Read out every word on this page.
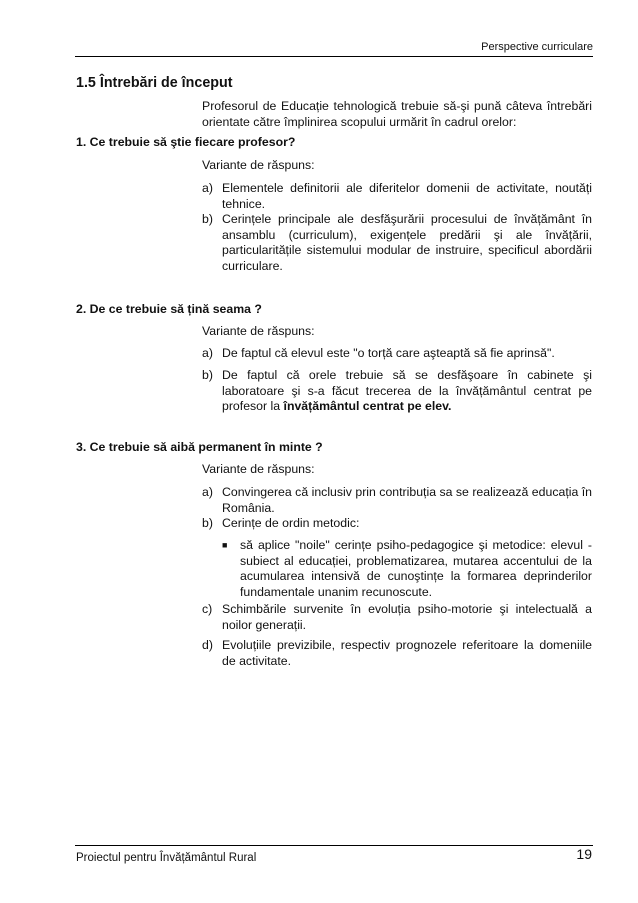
Perspective curriculare
1.5 Întrebări de început
Profesorul de Educație tehnologică trebuie să-şi pună câteva întrebări orientate către împlinirea scopului urmărit în cadrul orelor:
1. Ce trebuie să ştie fiecare profesor?
Variante de răspuns:
a) Elementele definitorii ale diferitelor domenii de activitate, noutăți tehnice.
b) Cerințele principale ale desfăşurării procesului de învățământ în ansamblu (curriculum), exigențele predării şi ale învățării, particularitățile sistemului modular de instruire, specificul abordării curriculare.
2. De ce trebuie să țină seama ?
Variante de răspuns:
a) De faptul că elevul este "o torță care aşteaptă să fie aprinsă".
b) De faptul că orele trebuie să se desfăşoare în cabinete şi laboratoare şi s-a făcut trecerea de la învățământul centrat pe profesor la învățământul centrat pe elev.
3. Ce trebuie să aibă permanent în minte ?
Variante de răspuns:
a) Convingerea că inclusiv prin contribuția sa se realizează educația în România.
b) Cerințe de ordin metodic:
■ să aplice "noile" cerințe psiho-pedagogice şi metodice: elevul - subiect al educației, problematizarea, mutarea accentului de la acumularea intensivă de cunoştințe la formarea deprinderilor fundamentale unanim recunoscute.
c) Schimbările survenite în evoluția psiho-motorie şi intelectuală a noilor generații.
d) Evoluțiile previzibile, respectiv prognozele referitoare la domeniile de activitate.
Proiectul pentru Învățământul Rural	19
